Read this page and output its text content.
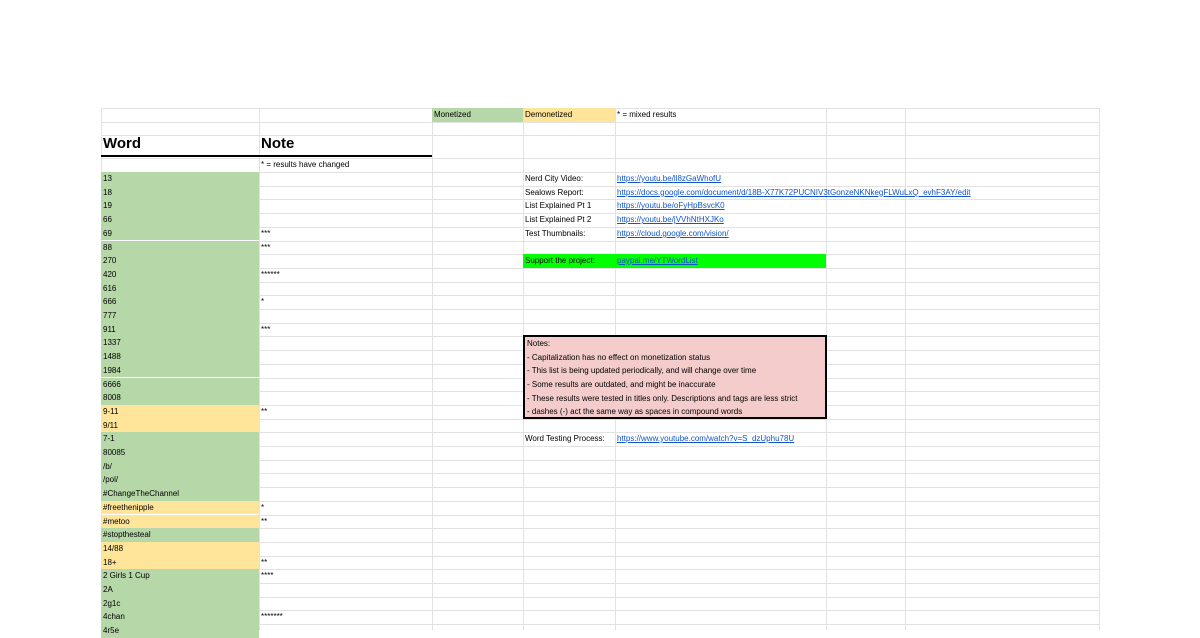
Monetized	Demonetized	* = mixed results
Word	Note
* = results have changed
13
18
19
66
69	***
88	***
270
420	******
616
666	*
777
911	***
1337
1488
1984
6666
8008
9-11	**
9/11
7-1
80085
/b/
/pol/
#ChangeTheChannel
#freethenipple	*
#metoo	**
#stopthesteal
14/88
18+	**
2 Girls 1 Cup	****
2A
2g1c
4chan	*******
4r5e
Nerd City Video:	https://youtu.be/ll8zGaWhofU
Sealows Report:	https://docs.google.com/document/d/18B-X77K72PUCNIV3tGonzeNKNkegFLWuLxQ_evhF3AY/edit
List Explained Pt 1	https://youtu.be/oFyHpBsvcK0
List Explained Pt 2	https://youtu.be/jVVhNtHXJKo
Test Thumbnails:	https://cloud.google.com/vision/
Support the project:	paypal.me/YTWordList
Notes:
- Capitalization has no effect on monetization status
- This list is being updated periodically, and will change over time
- Some results are outdated, and might be inaccurate
- These results were tested in titles only. Descriptions and tags are less strict
- dashes (-) act the same way as spaces in compound words
Word Testing Process:	https://www.youtube.com/watch?v=S_dzUphu78U
